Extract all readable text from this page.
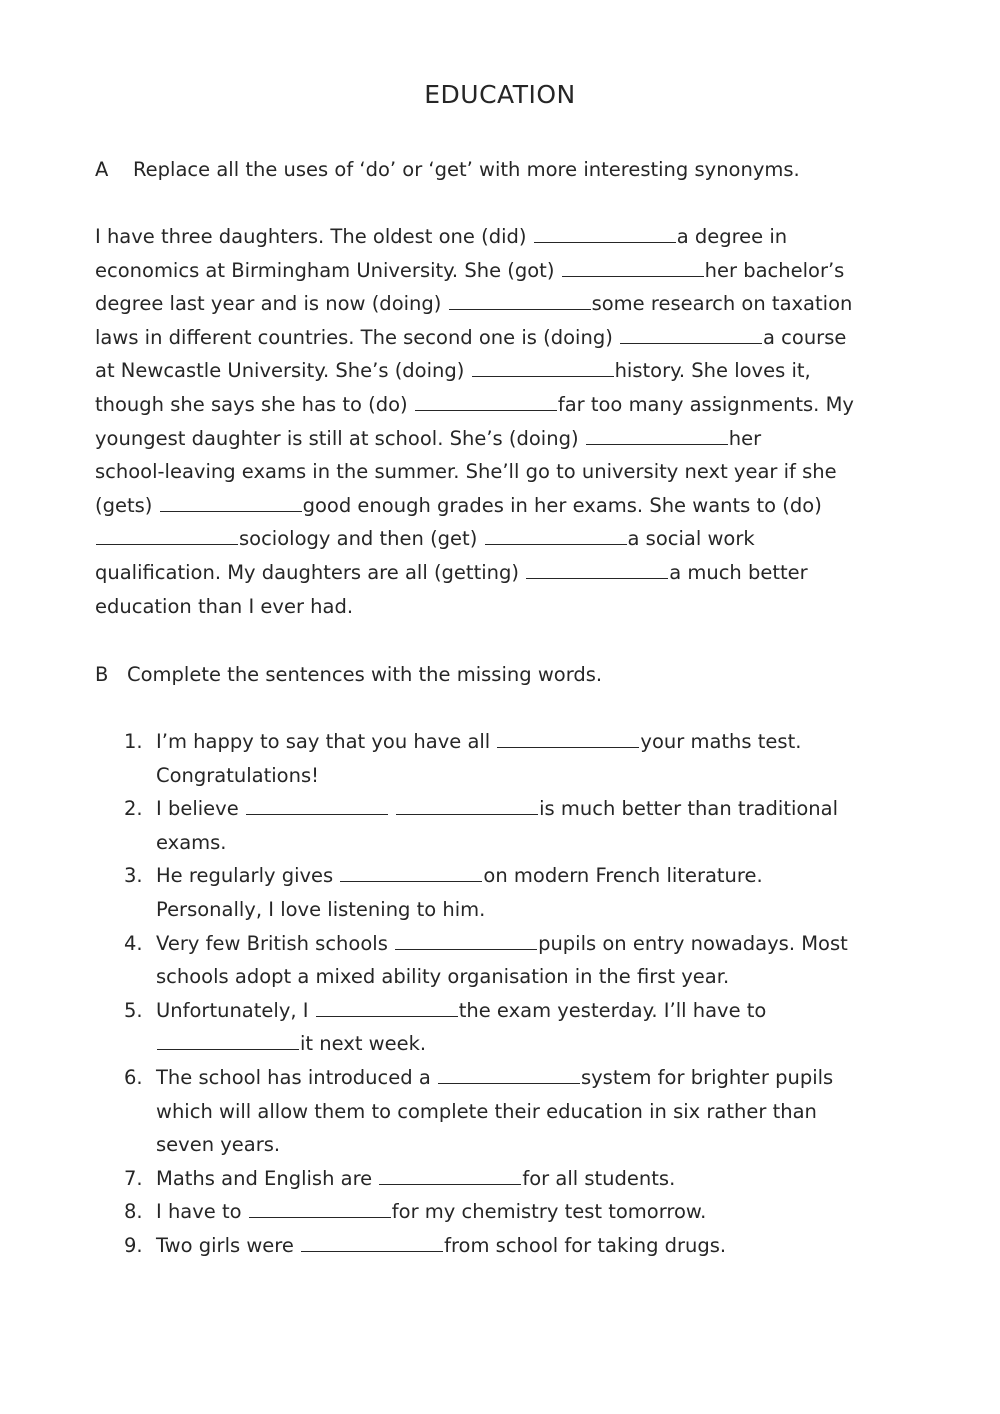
EDUCATION
A Replace all the uses of ‘do’ or ‘get’ with more interesting synonyms.
I have three daughters. The oldest one (did)	a degree in
economics at Birmingham University. She (got)	her bachelor’s
degree last year and is now (doing)	some research on taxation
laws in different countries. The second one is (doing)	a course
at Newcastle University. She’s (doing)	history. She loves it,
though she says she has to (do)	far too many assignments. My
youngest daughter is still at school. She’s (doing)	her
school-leaving exams in the summer. She’ll go to university next year if she
(gets)	good enough grades in her exams. She wants to (do)
sociology and then (get)	a social work
qualification. My daughters are all (getting)	a much better
education than I ever had.
B Complete the sentences with the missing words.
1. I’m happy to say that you have all	your maths test.
Congratulations!
2. I believe	is much better than traditional
exams.
3. He regularly gives	on modern French literature.
Personally, I love listening to him.
4. Very few British schools	pupils on entry nowadays. Most
schools adopt a mixed ability organisation in the first year.
5. Unfortunately, I	the exam yesterday. I’ll have to
it next week.
6. The school has introduced a	system for brighter pupils
which will allow them to complete their education in six rather than
seven years.
7. Maths and English are	for all students.
8. I have to	for my chemistry test tomorrow.
9. Two girls were	from school for taking drugs.
